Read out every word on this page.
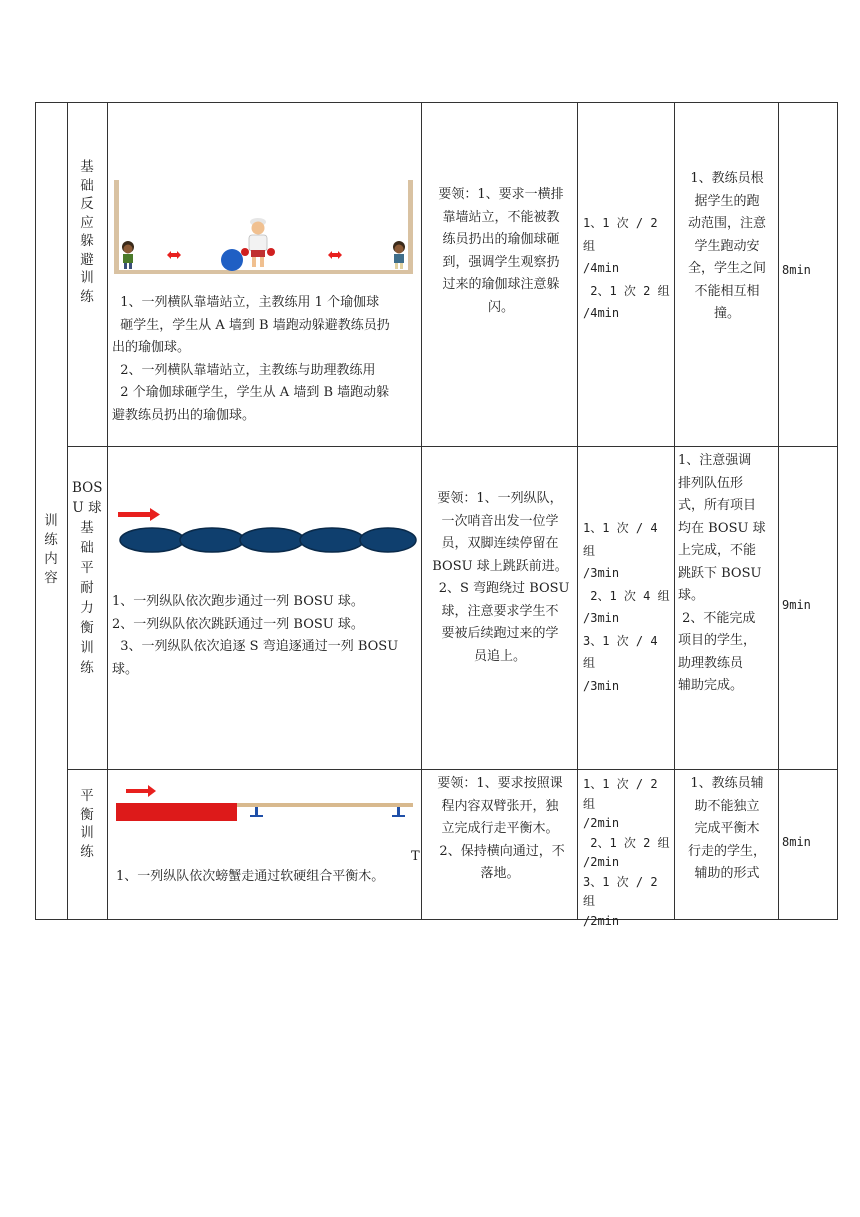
训 练 内 容
基 础 反 应 躲 避 训 练	1、一列横队靠墙站立，主教练用 1 个瑜伽球
砸学生，学生从 A 墙到 B 墙跑动躲避教练员扔
出的瑜伽球。
2、一列横队靠墙站立，主教练与助理教练用
2 个瑜伽球砸学生，学生从 A 墙到 B 墙跑动躲
避教练员扔出的瑜伽球。
要领：1、要求一横排
靠墙站立，不能被教
练员扔出的瑜伽球砸
到，强调学生观察扔
过来的瑜伽球注意躲
闪。
1、1 次 / 2 组
/4min
2、1 次 2 组
/4min
1、教练员根
据学生的跑
动范围，注意
学生跑动安
全，学生之间
不能相互相
撞。
8min
BOS U 球 基 础 平 耐 力 衡 训 练
1、一列纵队依次跑步通过一列 BOSU 球。
2、一列纵队依次跳跃通过一列 BOSU 球。
3、一列纵队依次追逐 S 弯追逐通过一列 BOSU
球。
要领：1、一列纵队，
一次哨音出发一位学
员，双脚连续停留在
BOSU 球上跳跃前进。
2、S 弯跑绕过 BOSU
球，注意要求学生不
要被后续跑过来的学
员追上。
1、1 次 / 4 组
/3min
2、1 次 4 组
/3min
3、1 次 / 4 组
/3min
1、注意强调
排列队伍形
式，所有项目
均在 BOSU 球
上完成，不能
跳跃下 BOSU
球。
2、不能完成
项目的学生，
助理教练员
辅助完成。
9min
平 衡 训 练
1、一列纵队依次螃蟹走通过软硬组合平衡木。
T
要领：1、要求按照课
程内容双臂张开，独
立完成行走平衡木。
2、保持横向通过，不
落地。
1、1 次 / 2 组
/2min
2、1 次 2 组
/2min
3、1 次 / 2 组
/2min
1、教练员辅
助不能独立
完成平衡木
行走的学生，
辅助的形式
8min
